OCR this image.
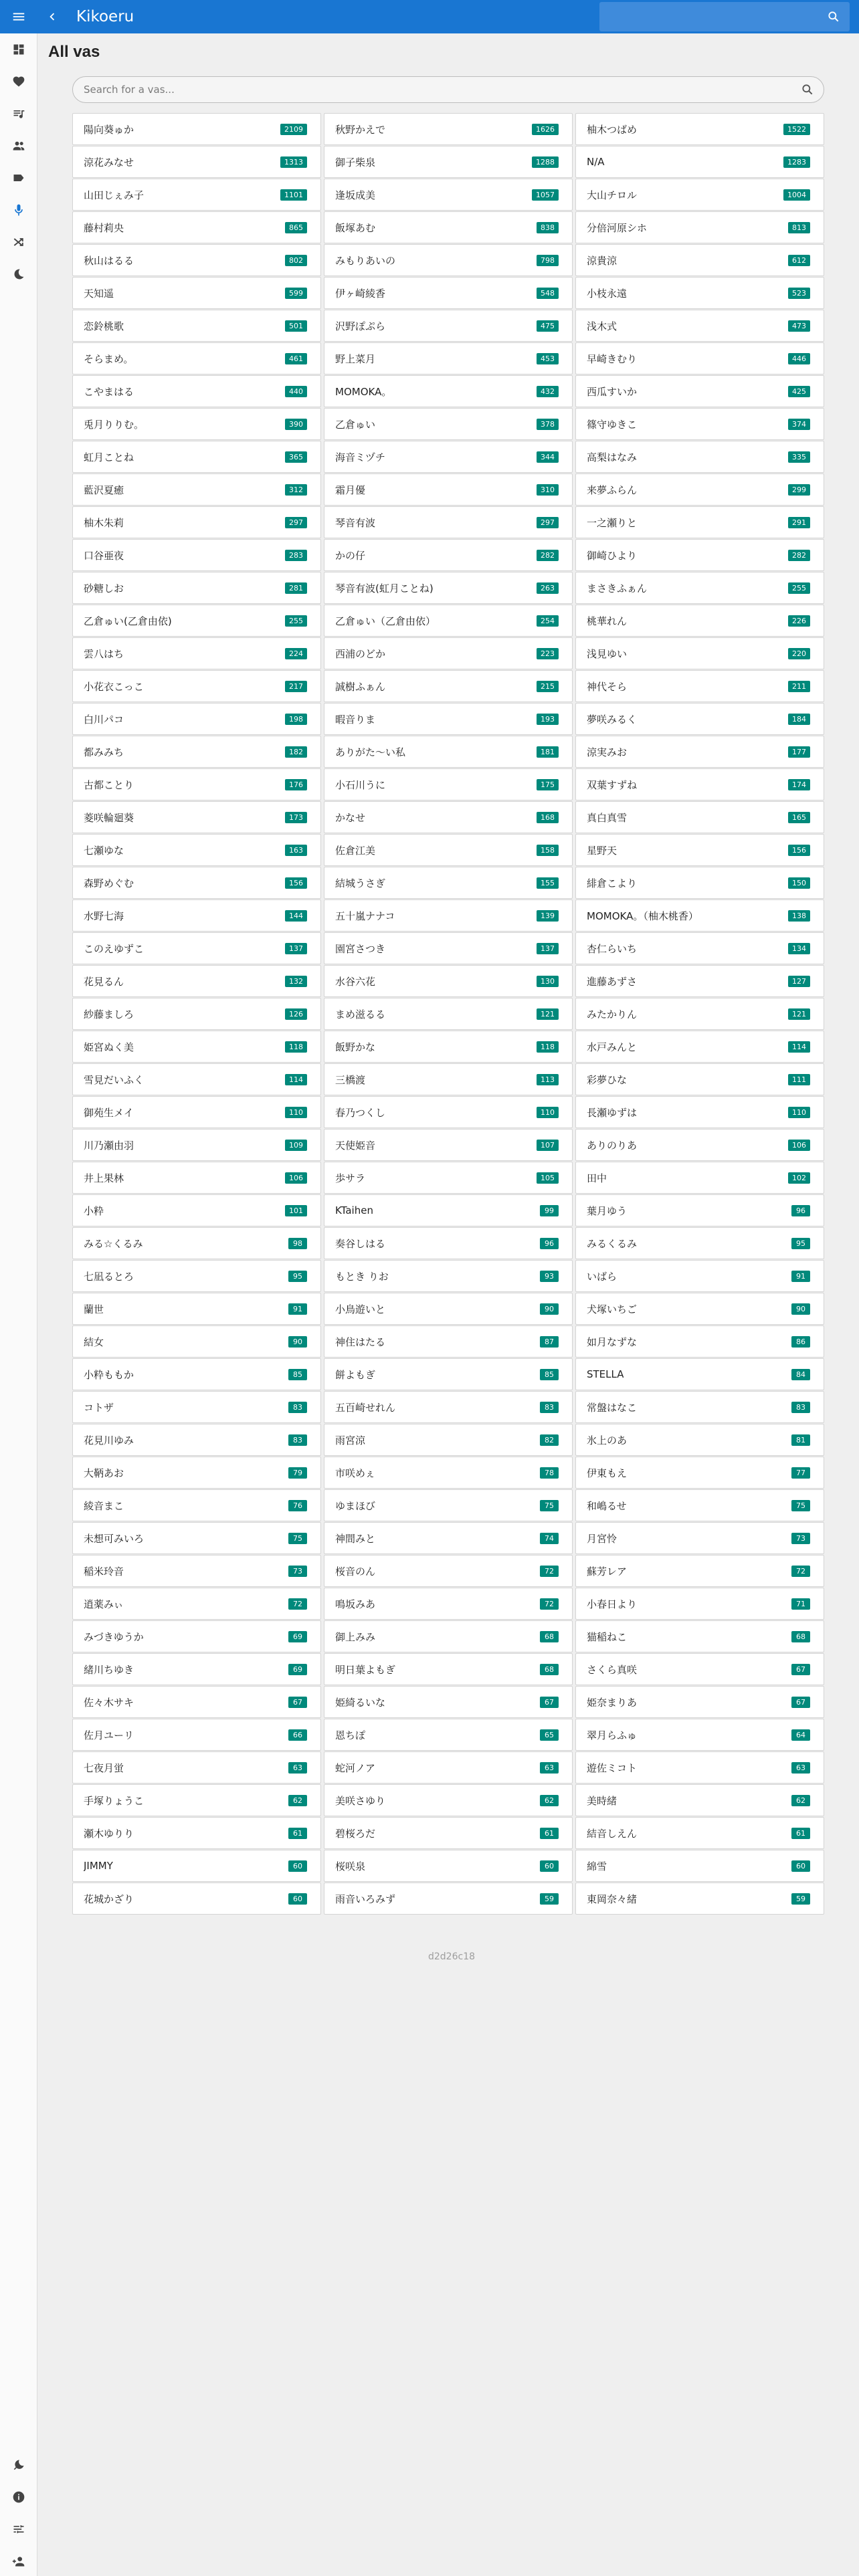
Kikoeru
All vas
Search for a vas...
陽向葵ゅか	2109	秋野かえで	1626	柚木つばめ	1522
涼花みなせ	1313	御子柴泉	1288	N/A	1283
山田じぇみ子	1101	逢坂成美	1057	大山チロル	1004
藤村莉央	865	飯塚あむ	838	分倍河原シホ	813
秋山はるる	802	みもりあいの	798	涼貴涼	612
天知遥	599	伊ヶ崎綾香	548	小枝永遠	523
恋鈴桃歌	501	沢野ぽぷら	475	浅木式	473
そらまめ。	461	野上菜月	453	早崎きむり	446
こやまはる	440	MOMOKA。	432	西瓜すいか	425
兎月りりむ。	390	乙倉ゅい	378	篠守ゆきこ	374
虹月ことね	365	海音ミヅチ	344	高梨はなみ	335
藍沢夏癒	312	霜月優	310	来夢ふらん	299
柚木朱莉	297	琴音有波	297	一之瀬りと	291
口谷亜夜	283	かの仔	282	御崎ひより	282
砂糖しお	281	琴音有波(虹月ことね)	263	まさきふぁん	255
乙倉ゅい(乙倉由依)	255	乙倉ゅい（乙倉由依）	254	桃華れん	226
雲八はち	224	西浦のどか	223	浅見ゆい	220
小花衣こっこ	217	誠樹ふぁん	215	神代そら	211
白川パコ	198	暇音りま	193	夢咲みるく	184
都みみち	182	ありがた〜い私	181	涼実みお	177
古都ことり	176	小石川うに	175	双葉すずね	174
菱咲輪廻葵	173	かなせ	168	真白真雪	165
七瀬ゆな	163	佐倉江美	158	星野天	156
森野めぐむ	156	結城うさぎ	155	緋倉こより	150
水野七海	144	五十嵐ナナコ	139	MOMOKA。（柚木桃香）	138
このえゆずこ	137	園宮さつき	137	杏仁らいち	134
花見るん	132	水谷六花	130	進藤あずさ	127
紗藤ましろ	126	まめ滋るる	121	みたかりん	121
姫宮ぬく美	118	飯野かな	118	水戸みんと	114
雪見だいふく	114	三橋渡	113	彩夢ひな	111
御苑生メイ	110	春乃つくし	110	長瀬ゆずは	110
川乃瀬由羽	109	天使姫音	107	ありのりあ	106
井上果林	106	歩サラ	105	田中	102
小粋	101	KTaihen	99	葉月ゆう	96
みる☆くるみ	98	奏谷しはる	96	みるくるみ	95
七凪るとろ	95	もとき りお	93	いばら	91
蘭世	91	小鳥遊いと	90	犬塚いちご	90
結女	90	神住はたる	87	如月なずな	86
小粋ももか	85	餅よもぎ	85	STELLA	84
コトザ	83	五百崎せれん	83	常盤はなこ	83
花見川ゆみ	83	雨宮涼	82	氷上のあ	81
大鞆あお	79	市咲めぇ	78	伊東もえ	77
綾音まこ	76	ゆまほび	75	和嶋るせ	75
未想可みいろ	75	神間みと	74	月宮怜	73
稲米玲音	73	桜音のん	72	蘇芳レア	72
逍薬みぃ	72	鳴坂みあ	72	小春日より	71
みづきゆうか	69	御上みみ	68	猫稲ねこ	68
緒川ちゆき	69	明日葉よもぎ	68	さくら真咲	67
佐々木サキ	67	姫綺るいな	67	姫奈まりあ	67
佐月ユーリ	66	恩ちぽ	65	翠月らふゅ	64
七夜月蛍	63	蛇河ノア	63	遊佐ミコト	63
手塚りょうこ	62	美咲さゆり	62	美時緒	62
瀬木ゆりり	61	碧桜ろだ	61	結音しえん	61
JIMMY	60	桜咲泉	60	綿雪	60
花城かざり	60	雨音いろみず	59	東岡奈々緒	59
d2d26c18
